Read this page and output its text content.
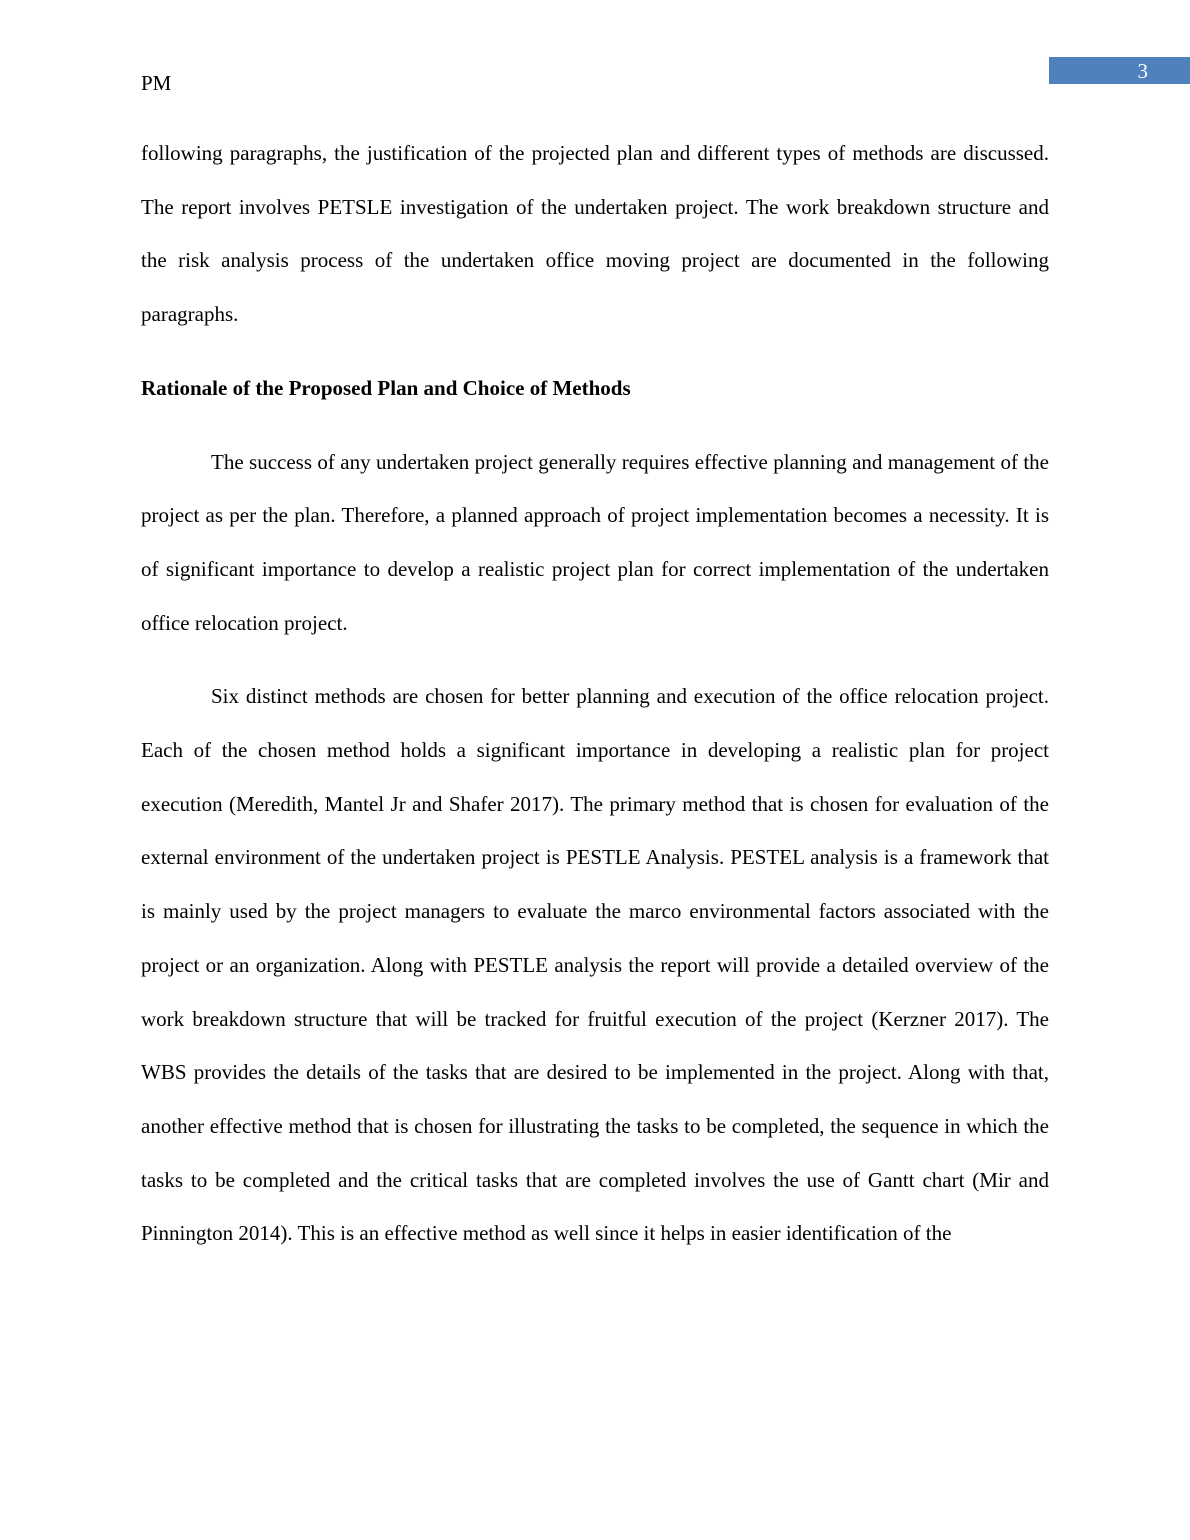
3
PM

following paragraphs, the justification of the projected plan and different types of methods are discussed. The report involves PETSLE investigation of the undertaken project. The work breakdown structure and the risk analysis process of the undertaken office moving project are documented in the following paragraphs.

Rationale of the Proposed Plan and Choice of Methods

The success of any undertaken project generally requires effective planning and management of the project as per the plan. Therefore, a planned approach of project implementation becomes a necessity. It is of significant importance to develop a realistic project plan for correct implementation of the undertaken office relocation project.

Six distinct methods are chosen for better planning and execution of the office relocation project. Each of the chosen method holds a significant importance in developing a realistic plan for project execution (Meredith, Mantel Jr and Shafer 2017). The primary method that is chosen for evaluation of the external environment of the undertaken project is PESTLE Analysis. PESTEL analysis is a framework that is mainly used by the project managers to evaluate the marco environmental factors associated with the project or an organization. Along with PESTLE analysis the report will provide a detailed overview of the work breakdown structure that will be tracked for fruitful execution of the project (Kerzner 2017). The WBS provides the details of the tasks that are desired to be implemented in the project. Along with that, another effective method that is chosen for illustrating the tasks to be completed, the sequence in which the tasks to be completed and the critical tasks that are completed involves the use of Gantt chart (Mir and Pinnington 2014). This is an effective method as well since it helps in easier identification of the
